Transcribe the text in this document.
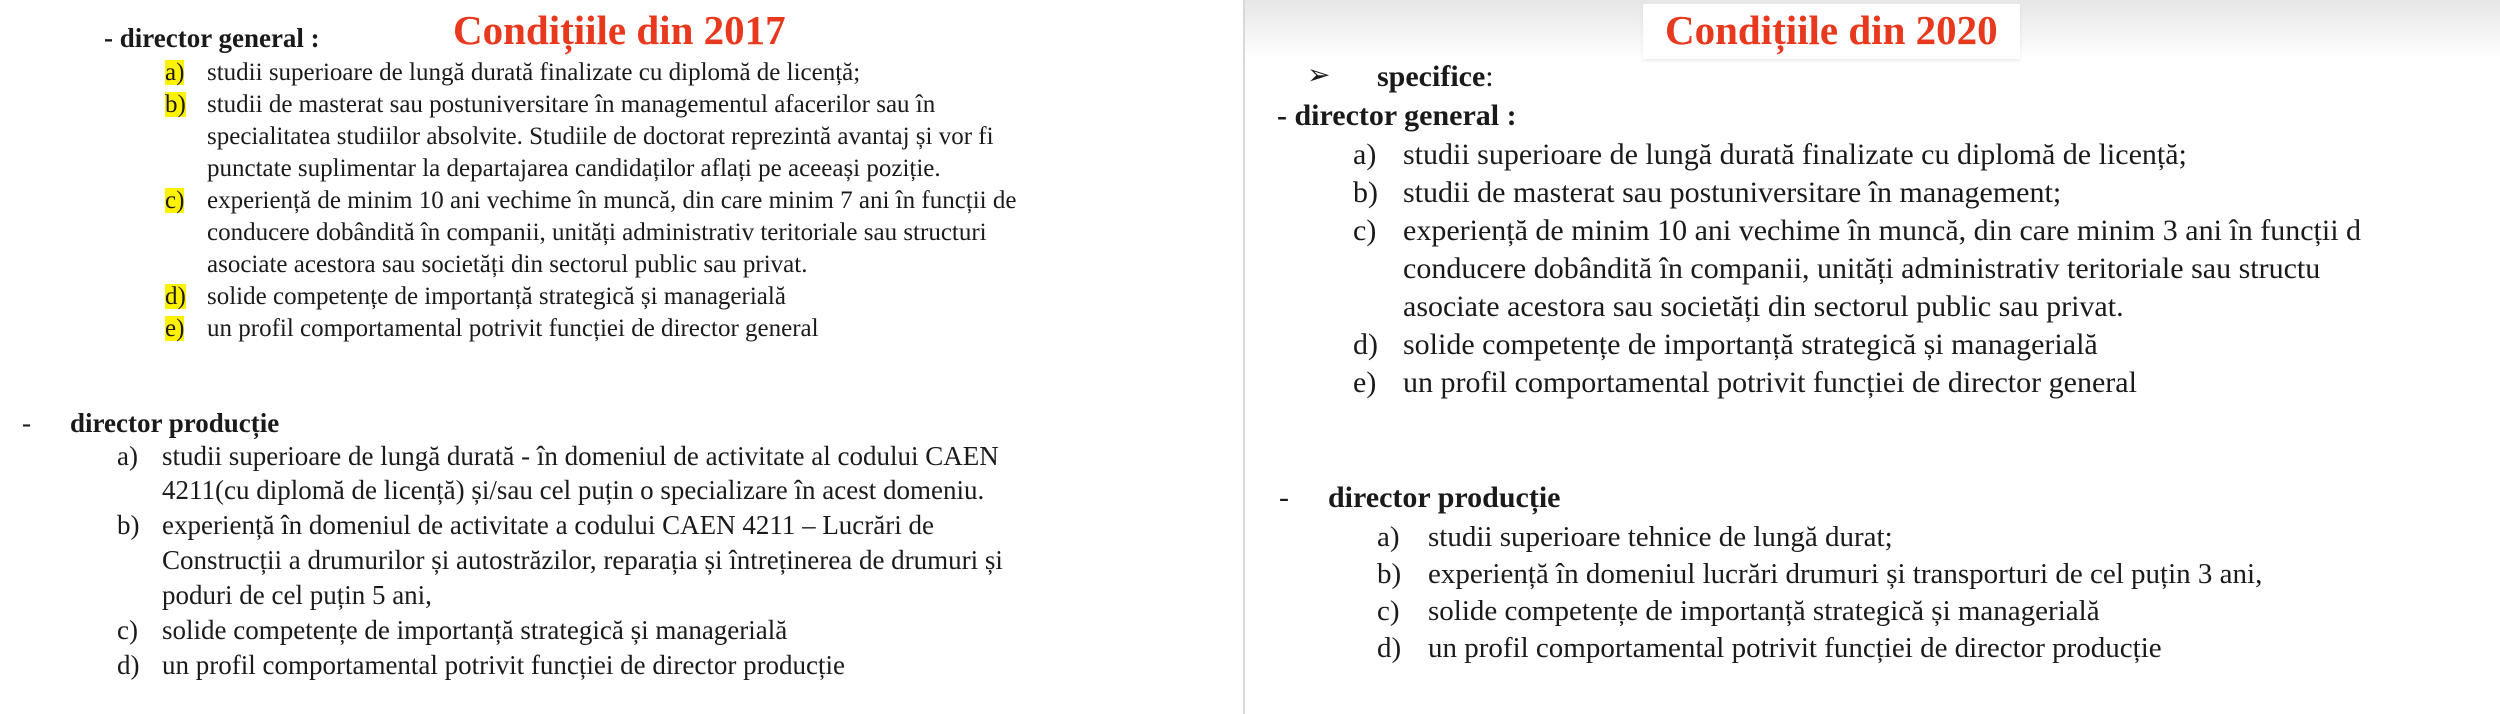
- director general :	Condițiile din 2017
a) studii superioare de lungă durată finalizate cu diplomă de licență;
b) studii de masterat sau postuniversitare în managementul afacerilor sau în
specialitatea studiilor absolvite. Studiile de doctorat reprezintă avantaj și vor fi
punctate suplimentar la departajarea candidaților aflați pe aceeași poziție.
c) experiență de minim 10 ani vechime în muncă, din care minim 7 ani în funcții de
conducere dobândită în companii, unități administrativ teritoriale sau structuri
asociate acestora sau societăți din sectorul public sau privat.
d) solide competențe de importanță strategică și managerială
e) un profil comportamental potrivit funcției de director general
- director producție
a) studii superioare de lungă durată - în domeniul de activitate al codului CAEN
4211(cu diplomă de licență) și/sau cel puțin o specializare în acest domeniu.
b) experiență în domeniul de activitate a codului CAEN 4211 – Lucrări de
Construcții a drumurilor și autostrăzilor, reparația și întreținerea de drumuri și
poduri de cel puțin 5 ani,
c) solide competențe de importanță strategică și managerială
d) un profil comportamental potrivit funcției de director producție
Condițiile din 2020
➢ specifice:
- director general :
a) studii superioare de lungă durată finalizate cu diplomă de licență;
b) studii de masterat sau postuniversitare în management;
c) experiență de minim 10 ani vechime în muncă, din care minim 3 ani în funcții d
conducere dobândită în companii, unități administrativ teritoriale sau structu
asociate acestora sau societăți din sectorul public sau privat.
d) solide competențe de importanță strategică și managerială
e) un profil comportamental potrivit funcției de director general
- director producție
a) studii superioare tehnice de lungă durat;
b) experiență în domeniul lucrări drumuri și transporturi de cel puțin 3 ani,
c) solide competențe de importanță strategică și managerială
d) un profil comportamental potrivit funcției de director producție
